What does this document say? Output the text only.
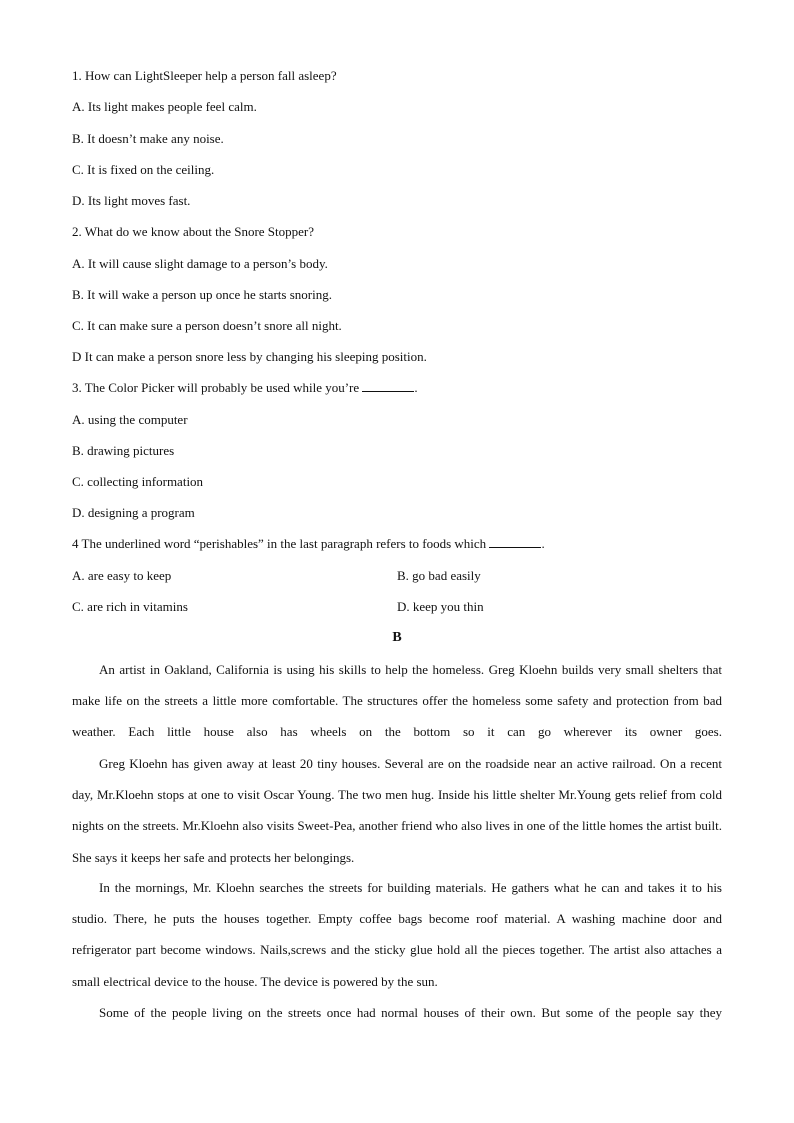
1. How can LightSleeper help a person fall asleep?
A. Its light makes people feel calm.
B. It doesn’t make any noise.
C. It is fixed on the ceiling.
D. Its light moves fast.
2. What do we know about the Snore Stopper?
A. It will cause slight damage to a person’s body.
B. It will wake a person up once he starts snoring.
C. It can make sure a person doesn’t snore all night.
D It can make a person snore less by changing his sleeping position.
3. The Color Picker will probably be used while you’re	.
A. using the computer
B. drawing pictures
C. collecting information
D. designing a program
4 The underlined word “perishables” in the last paragraph refers to foods which	.
A. are easy to keep	B. go bad easily
C. are rich in vitamins	D. keep you thin
B
An artist in Oakland, California is using his skills to help the homeless. Greg Kloehn builds very small shelters that make life on the streets a little more comfortable. The structures offer the homeless some safety and protection from bad weather. Each little house also has wheels on the bottom so it can go wherever its owner goes.
Greg Kloehn has given away at least 20 tiny houses. Several are on the roadside near an active railroad. On a recent day, Mr.Kloehn stops at one to visit Oscar Young. The two men hug. Inside his little shelter Mr.Young gets relief from cold nights on the streets. Mr.Kloehn also visits Sweet-Pea, another friend who also lives in one of the little homes the artist built. She says it keeps her safe and protects her belongings.
In the mornings, Mr. Kloehn searches the streets for building materials. He gathers what he can and takes it to his studio. There, he puts the houses together. Empty coffee bags become roof material. A washing machine door and refrigerator part become windows. Nails,screws and the sticky glue hold all the pieces together. The artist also attaches a small electrical device to the house. The device is powered by the sun.
Some of the people living on the streets once had normal houses of their own. But some of the people say they
